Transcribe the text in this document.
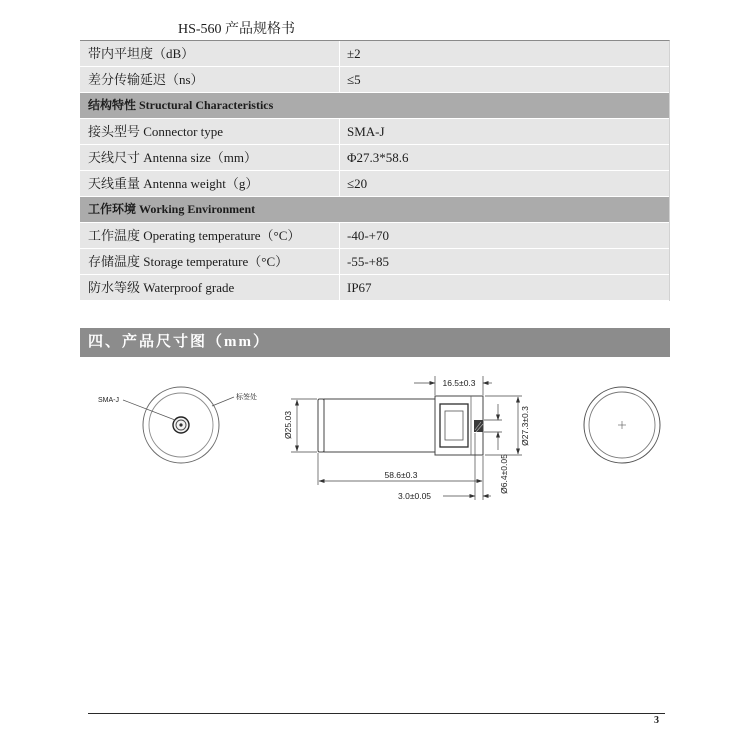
HS-560 产品规格书
带内平坦度（dB）	±2
差分传输延迟（ns）	≤5
结构特性 Structural Characteristics
接头型号 Connector type	SMA-J
天线尺寸 Antenna size（mm）	Φ27.3*58.6
天线重量 Antenna weight（g）	≤20
工作环境 Working Environment
工作温度 Operating temperature（°C）	-40-+70
存储温度 Storage temperature（°C）	-55-+85
防水等级 Waterproof grade	IP67
四、产品尺寸图（mm）
SMA-J	标签处
Ø25.03
16.5±0.3
58.6±0.3
3.0±0.05
Ø6.4±0.05
Ø27.3±0.3
3
